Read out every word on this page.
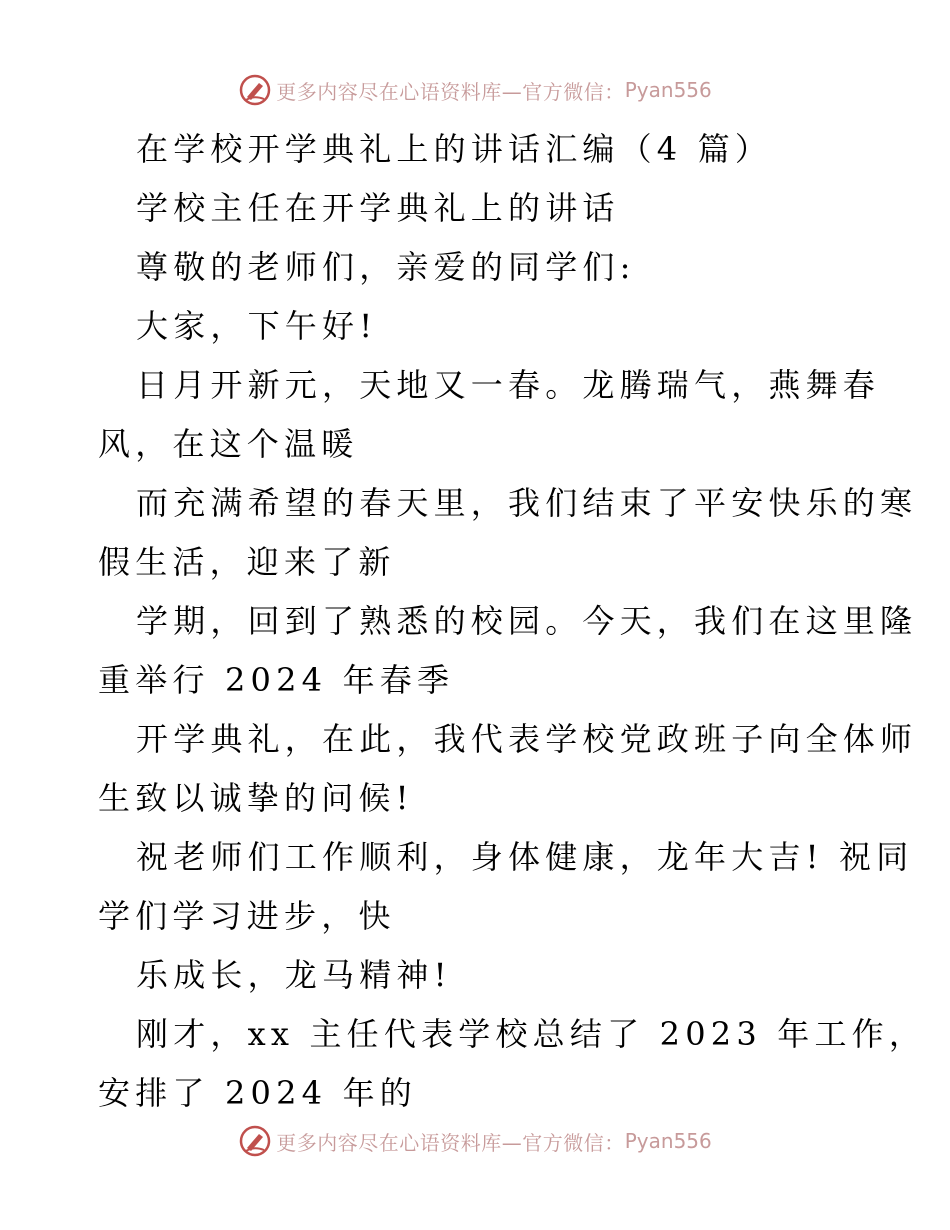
更多内容尽在心语资料库—官方微信： Pyan556

在学校开学典礼上的讲话汇编（4 篇）

学校主任在开学典礼上的讲话

尊敬的老师们，亲爱的同学们:

大家，下午好!

日月开新元，天地又一春。龙腾瑞气，燕舞春
风，在这个温暖

而充满希望的春天里，我们结束了平安快乐的寒
假生活，迎来了新

学期，回到了熟悉的校园。今天，我们在这里隆
重举行 2024 年春季

开学典礼，在此，我代表学校党政班子向全体师
生致以诚挚的问候!

祝老师们工作顺利，身体健康，龙年大吉! 祝同
学们学习进步，快

乐成长，龙马精神!

刚才，xx 主任代表学校总结了 2023 年工作，
安排了 2024 年的

更多内容尽在心语资料库—官方微信： Pyan556
